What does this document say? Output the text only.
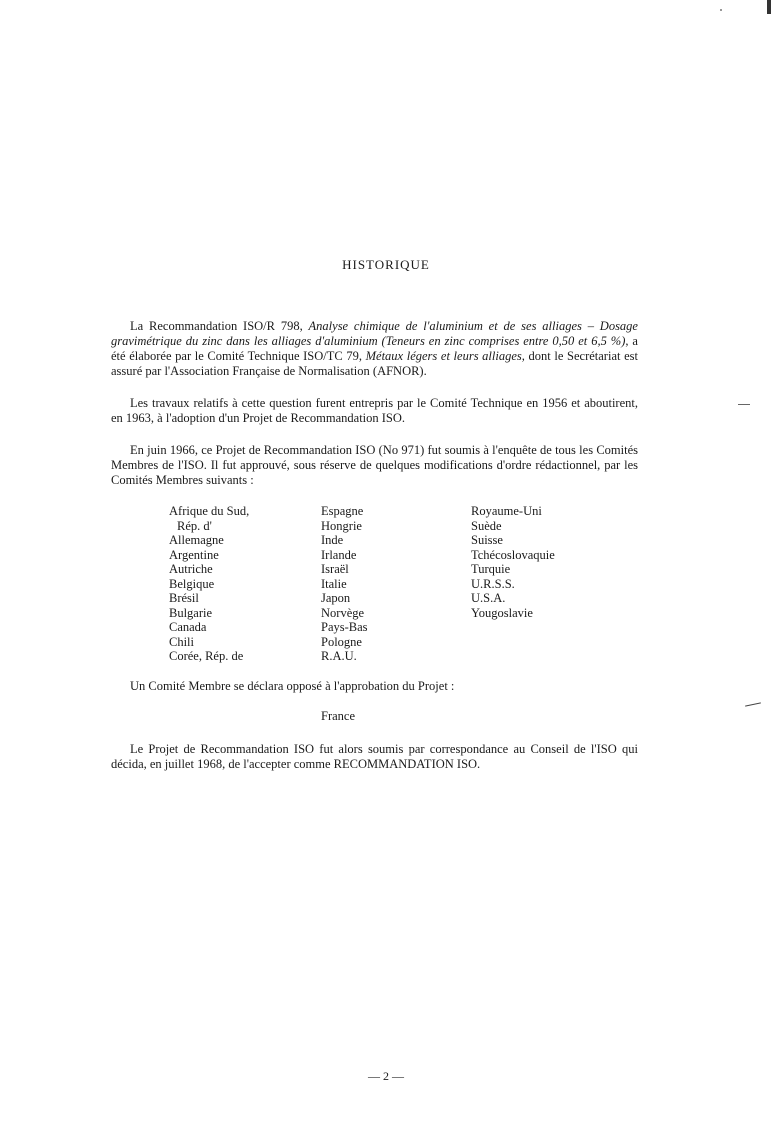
HISTORIQUE
La Recommandation ISO/R 798, Analyse chimique de l'aluminium et de ses alliages – Dosage gravimétrique du zinc dans les alliages d'aluminium (Teneurs en zinc comprises entre 0,50 et 6,5 %), a été élaborée par le Comité Technique ISO/TC 79, Métaux légers et leurs alliages, dont le Secrétariat est assuré par l'Association Française de Normalisation (AFNOR).
Les travaux relatifs à cette question furent entrepris par le Comité Technique en 1956 et aboutirent, en 1963, à l'adoption d'un Projet de Recommandation ISO.
En juin 1966, ce Projet de Recommandation ISO (No 971) fut soumis à l'enquête de tous les Comités Membres de l'ISO. Il fut approuvé, sous réserve de quelques modifications d'ordre rédactionnel, par les Comités Membres suivants :
Afrique du Sud,
Rép. d'
Allemagne
Argentine
Autriche
Belgique
Brésil
Bulgarie
Canada
Chili
Corée, Rép. de
Espagne
Hongrie
Inde
Irlande
Israël
Italie
Japon
Norvège
Pays-Bas
Pologne
R.A.U.
Royaume-Uni
Suède
Suisse
Tchécoslovaquie
Turquie
U.R.S.S.
U.S.A.
Yougoslavie
Un Comité Membre se déclara opposé à l'approbation du Projet :
France
Le Projet de Recommandation ISO fut alors soumis par correspondance au Conseil de l'ISO qui décida, en juillet 1968, de l'accepter comme RECOMMANDATION ISO.
— 2 —
